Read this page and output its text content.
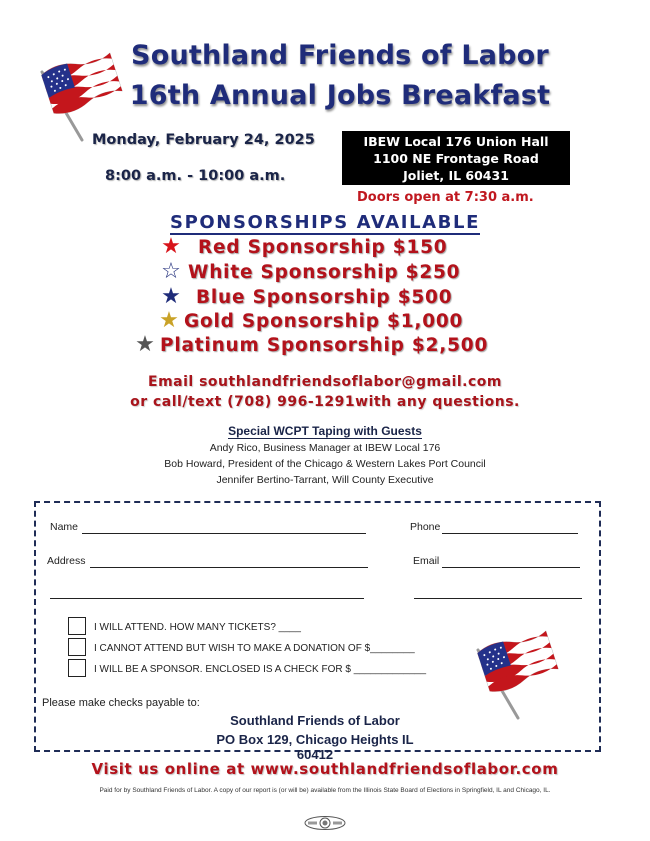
Southland Friends of Labor
16th Annual Jobs Breakfast
Monday, February 24, 2025
8:00 a.m. - 10:00 a.m.
IBEW Local 176 Union Hall
1100 NE Frontage Road
Joliet, IL 60431
Doors open at 7:30 a.m.
SPONSORSHIPS AVAILABLE
★ Red Sponsorship $150
☆ White Sponsorship $250
★ Blue Sponsorship $500
★ Gold Sponsorship $1,000
★ Platinum Sponsorship $2,500
Email southlandfriendsoflabor@gmail.com
or call/text (708) 996-1291with any questions.
Special WCPT Taping with Guests
Andy Rico, Business Manager at IBEW Local 176
Bob Howard, President of the Chicago & Western Lakes Port Council
Jennifer Bertino-Tarrant, Will County Executive
Name	Phone
Address	Email
I WILL ATTEND. HOW MANY TICKETS? ____
I CANNOT ATTEND BUT WISH TO MAKE A DONATION OF $________
I WILL BE A SPONSOR. ENCLOSED IS A CHECK FOR $ _____________
Please make checks payable to:
Southland Friends of Labor
PO Box 129, Chicago Heights IL 60412
Visit us online at www.southlandfriendsoflabor.com
Paid for by Southland Friends of Labor. A copy of our report is (or will be) available from the Illinois State Board of Elections in Springfield, IL and Chicago, IL.
